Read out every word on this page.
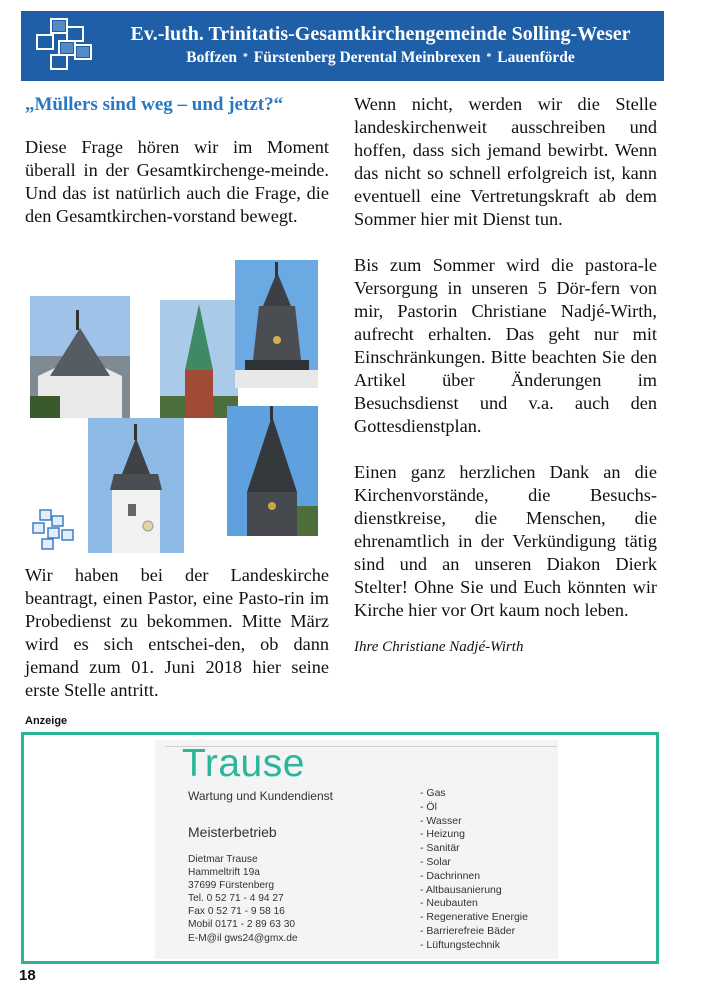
Ev.-luth. Trinitatis-Gesamtkirchengemeinde Solling-Weser
Boffzen * Fürstenberg Derental Meinbrexen * Lauenförde
„Müllers sind weg – und jetzt?“

Diese Frage hören wir im Moment überall in der Gesamtkirchenge-meinde. Und das ist natürlich auch die Frage, die den Gesamtkirchen-vorstand bewegt.

Wir haben bei der Landeskirche beantragt, einen Pastor, eine Pasto-rin im Probedienst zu bekommen. Mitte März wird es sich entschei-den, ob dann jemand zum 01. Juni 2018 hier seine erste Stelle antritt.

Wenn nicht, werden wir die Stelle landeskirchenweit ausschreiben und hoffen, dass sich jemand bewirbt. Wenn das nicht so schnell erfolgreich ist, kann eventuell eine Vertretungskraft ab dem Sommer hier mit Dienst tun.

Bis zum Sommer wird die pastora-le Versorgung in unseren 5 Dör-fern von mir, Pastorin Christiane Nadjé-Wirth, aufrecht erhalten. Das geht nur mit Einschränkungen. Bitte beachten Sie den Artikel über Änderungen im Besuchsdienst und v.a. auch den Gottesdienstplan.

Einen ganz herzlichen Dank an die Kirchenvorstände, die Besuchs-dienstkreise, die Menschen, die ehrenamtlich in der Verkündigung tätig sind und an unseren Diakon Dierk Stelter! Ohne Sie und Euch könnten wir Kirche hier vor Ort kaum noch leben.

Ihre Christiane Nadjé-Wirth

Anzeige
Trause
Wartung und Kundendienst
Meisterbetrieb
Dietmar Trause
Hammeltrift 19a
37699 Fürstenberg
Tel. 0 52 71 - 4 94 27
Fax 0 52 71 - 9 58 16
Mobil 0171 - 2 89 63 30
E-M@il gws24@gmx.de
- Gas
- Öl
- Wasser
- Heizung
- Sanitär
- Solar
- Dachrinnen
- Altbausanierung
- Neubauten
- Regenerative Energie
- Barrierefreie Bäder
- Lüftungstechnik
18
